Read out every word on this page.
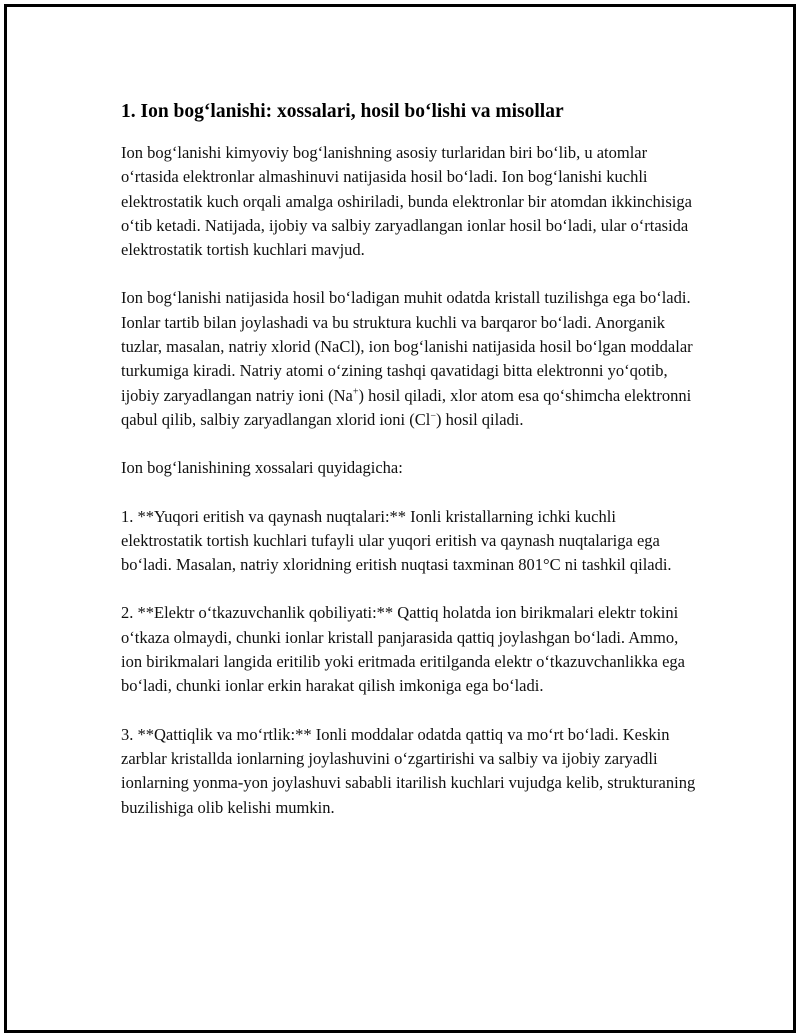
1. Ion bog‘lanishi: xossalari, hosil bo‘lishi va misollar

Ion bog‘lanishi kimyoviy bog‘lanishning asosiy turlaridan biri bo‘lib, u atomlar o‘rtasida elektronlar almashinuvi natijasida hosil bo‘ladi. Ion bog‘lanishi kuchli elektrostatik kuch orqali amalga oshiriladi, bunda elektronlar bir atomdan ikkinchisiga o‘tib ketadi. Natijada, ijobiy va salbiy zaryadlangan ionlar hosil bo‘ladi, ular o‘rtasida elektrostatik tortish kuchlari mavjud.

Ion bog‘lanishi natijasida hosil bo‘ladigan muhit odatda kristall tuzilishga ega bo‘ladi. Ionlar tartib bilan joylashadi va bu struktura kuchli va barqaror bo‘ladi. Anorganik tuzlar, masalan, natriy xlorid (NaCl), ion bog‘lanishi natijasida hosil bo‘lgan moddalar turkumiga kiradi. Natriy atomi o‘zining tashqi qavatidagi bitta elektronni yo‘qotib, ijobiy zaryadlangan natriy ioni (Na+) hosil qiladi, xlor atom esa qo‘shimcha elektronni qabul qilib, salbiy zaryadlangan xlorid ioni (Cl−) hosil qiladi.

Ion bog‘lanishining xossalari quyidagicha:

1. **Yuqori eritish va qaynash nuqtalari:** Ionli kristallarning ichki kuchli elektrostatik tortish kuchlari tufayli ular yuqori eritish va qaynash nuqtalariga ega bo‘ladi. Masalan, natriy xloridning eritish nuqtasi taxminan 801°C ni tashkil qiladi.

2. **Elektr o‘tkazuvchanlik qobiliyati:** Qattiq holatda ion birikmalari elektr tokini o‘tkaza olmaydi, chunki ionlar kristall panjarasida qattiq joylashgan bo‘ladi. Ammo, ion birikmalari langida eritilib yoki eritmada eritilganda elektr o‘tkazuvchanlikka ega bo‘ladi, chunki ionlar erkin harakat qilish imkoniga ega bo‘ladi.

3. **Qattiqlik va mo‘rtlik:** Ionli moddalar odatda qattiq va mo‘rt bo‘ladi. Keskin zarblar kristallda ionlarning joylashuvini o‘zgartirishi va salbiy va ijobiy zaryadli ionlarning yonma-yon joylashuvi sababli itarilish kuchlari vujudga kelib, strukturaning buzilishiga olib kelishi mumkin.
